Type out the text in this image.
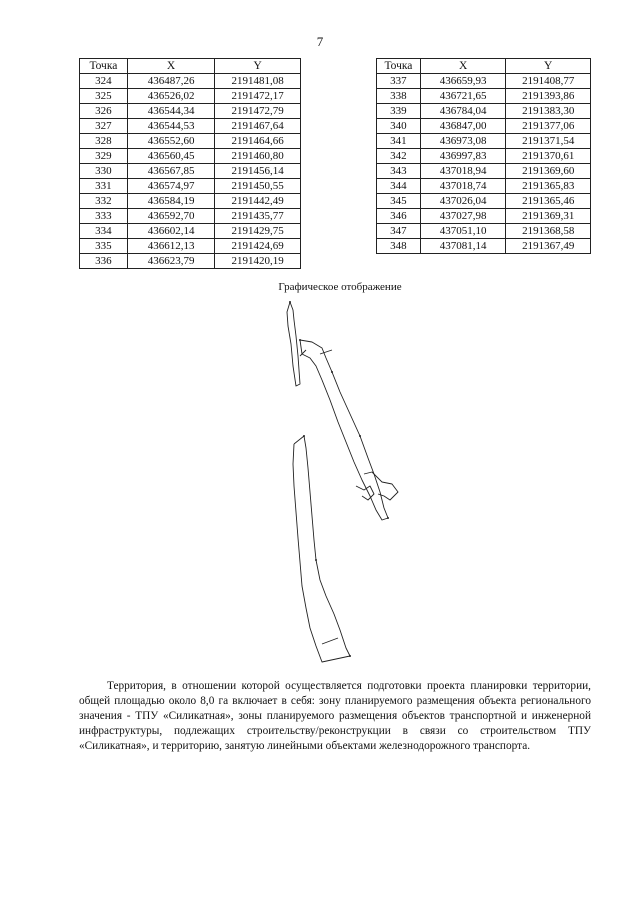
7
Точка	X	Y
324	436487,26	2191481,08
325	436526,02	2191472,17
326	436544,34	2191472,79
327	436544,53	2191467,64
328	436552,60	2191464,66
329	436560,45	2191460,80
330	436567,85	2191456,14
331	436574,97	2191450,55
332	436584,19	2191442,49
333	436592,70	2191435,77
334	436602,14	2191429,75
335	436612,13	2191424,69
336	436623,79	2191420,19
Точка	X	Y
337	436659,93	2191408,77
338	436721,65	2191393,86
339	436784,04	2191383,30
340	436847,00	2191377,06
341	436973,08	2191371,54
342	436997,83	2191370,61
343	437018,94	2191369,60
344	437018,74	2191365,83
345	437026,04	2191365,46
346	437027,98	2191369,31
347	437051,10	2191368,58
348	437081,14	2191367,49
Графическое отображение

Территория, в отношении которой осуществляется подготовки проекта планировки территории, общей площадью около 8,0 га включает в себя: зону планируемого размещения объекта регионального значения - ТПУ «Силикатная», зоны планируемого размещения объектов транспортной и инженерной инфраструктуры, подлежащих строительству/реконструкции в связи со строительством ТПУ «Силикатная», и территорию, занятую линейными объектами железнодорожного транспорта.
